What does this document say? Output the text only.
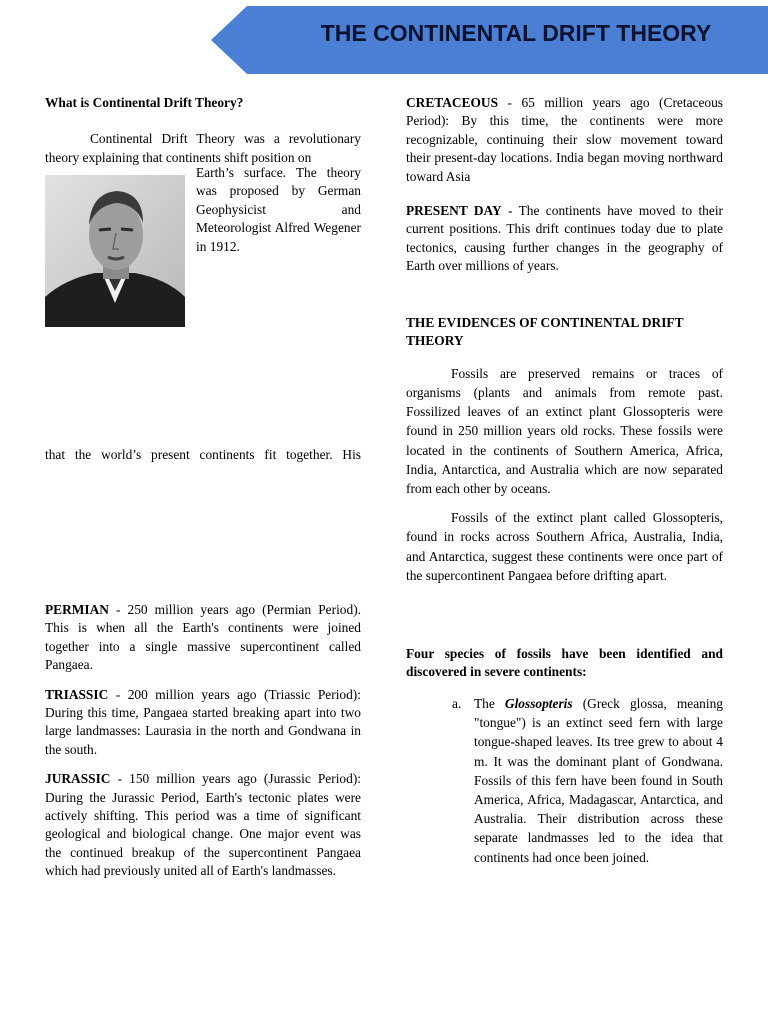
THE CONTINENTAL DRIFT THEORY

What is Continental Drift Theory?

Continental Drift Theory was a revolutionary theory explaining that continents shift position on

Earth’s surface. The theory was proposed by German Geophysicist and Meteorologist Alfred Wegener in 1912.
that the world’s present continents fit together. His

PERMIAN - 250 million years ago (Permian Period). This is when all the Earth's continents were joined together into a single massive supercontinent called Pangaea.

TRIASSIC - 200 million years ago (Triassic Period): During this time, Pangaea started breaking apart into two large landmasses: Laurasia in the north and Gondwana in the south.

JURASSIC - 150 million years ago (Jurassic Period): During the Jurassic Period, Earth's tectonic plates were actively shifting. This period was a time of significant geological and biological change. One major event was the continued breakup of the supercontinent Pangaea which had previously united all of Earth's landmasses.

CRETACEOUS - 65 million years ago (Cretaceous Period): By this time, the continents were more recognizable, continuing their slow movement toward their present-day locations. India began moving northward toward Asia

PRESENT DAY - The continents have moved to their current positions. This drift continues today due to plate tectonics, causing further changes in the geography of Earth over millions of years.

THE EVIDENCES OF CONTINENTAL DRIFT THEORY

Fossils are preserved remains or traces of organisms (plants and animals from remote past. Fossilized leaves of an extinct plant Glossopteris were found in 250 million years old rocks. These fossils were located in the continents of Southern America, Africa, India, Antarctica, and Australia which are now separated from each other by oceans.

Fossils of the extinct plant called Glossopteris, found in rocks across Southern Africa, Australia, India, and Antarctica, suggest these continents were once part of the supercontinent Pangaea before drifting apart.

Four species of fossils have been identified and discovered in severe continents:

a. The Glossopteris (Greck glossa, meaning "tongue") is an extinct seed fern with large tongue-shaped leaves. Its tree grew to about 4 m. It was the dominant plant of Gondwana. Fossils of this fern have been found in South America, Africa, Madagascar, Antarctica, and Australia. Their distribution across these separate landmasses led to the idea that continents had once been joined.
